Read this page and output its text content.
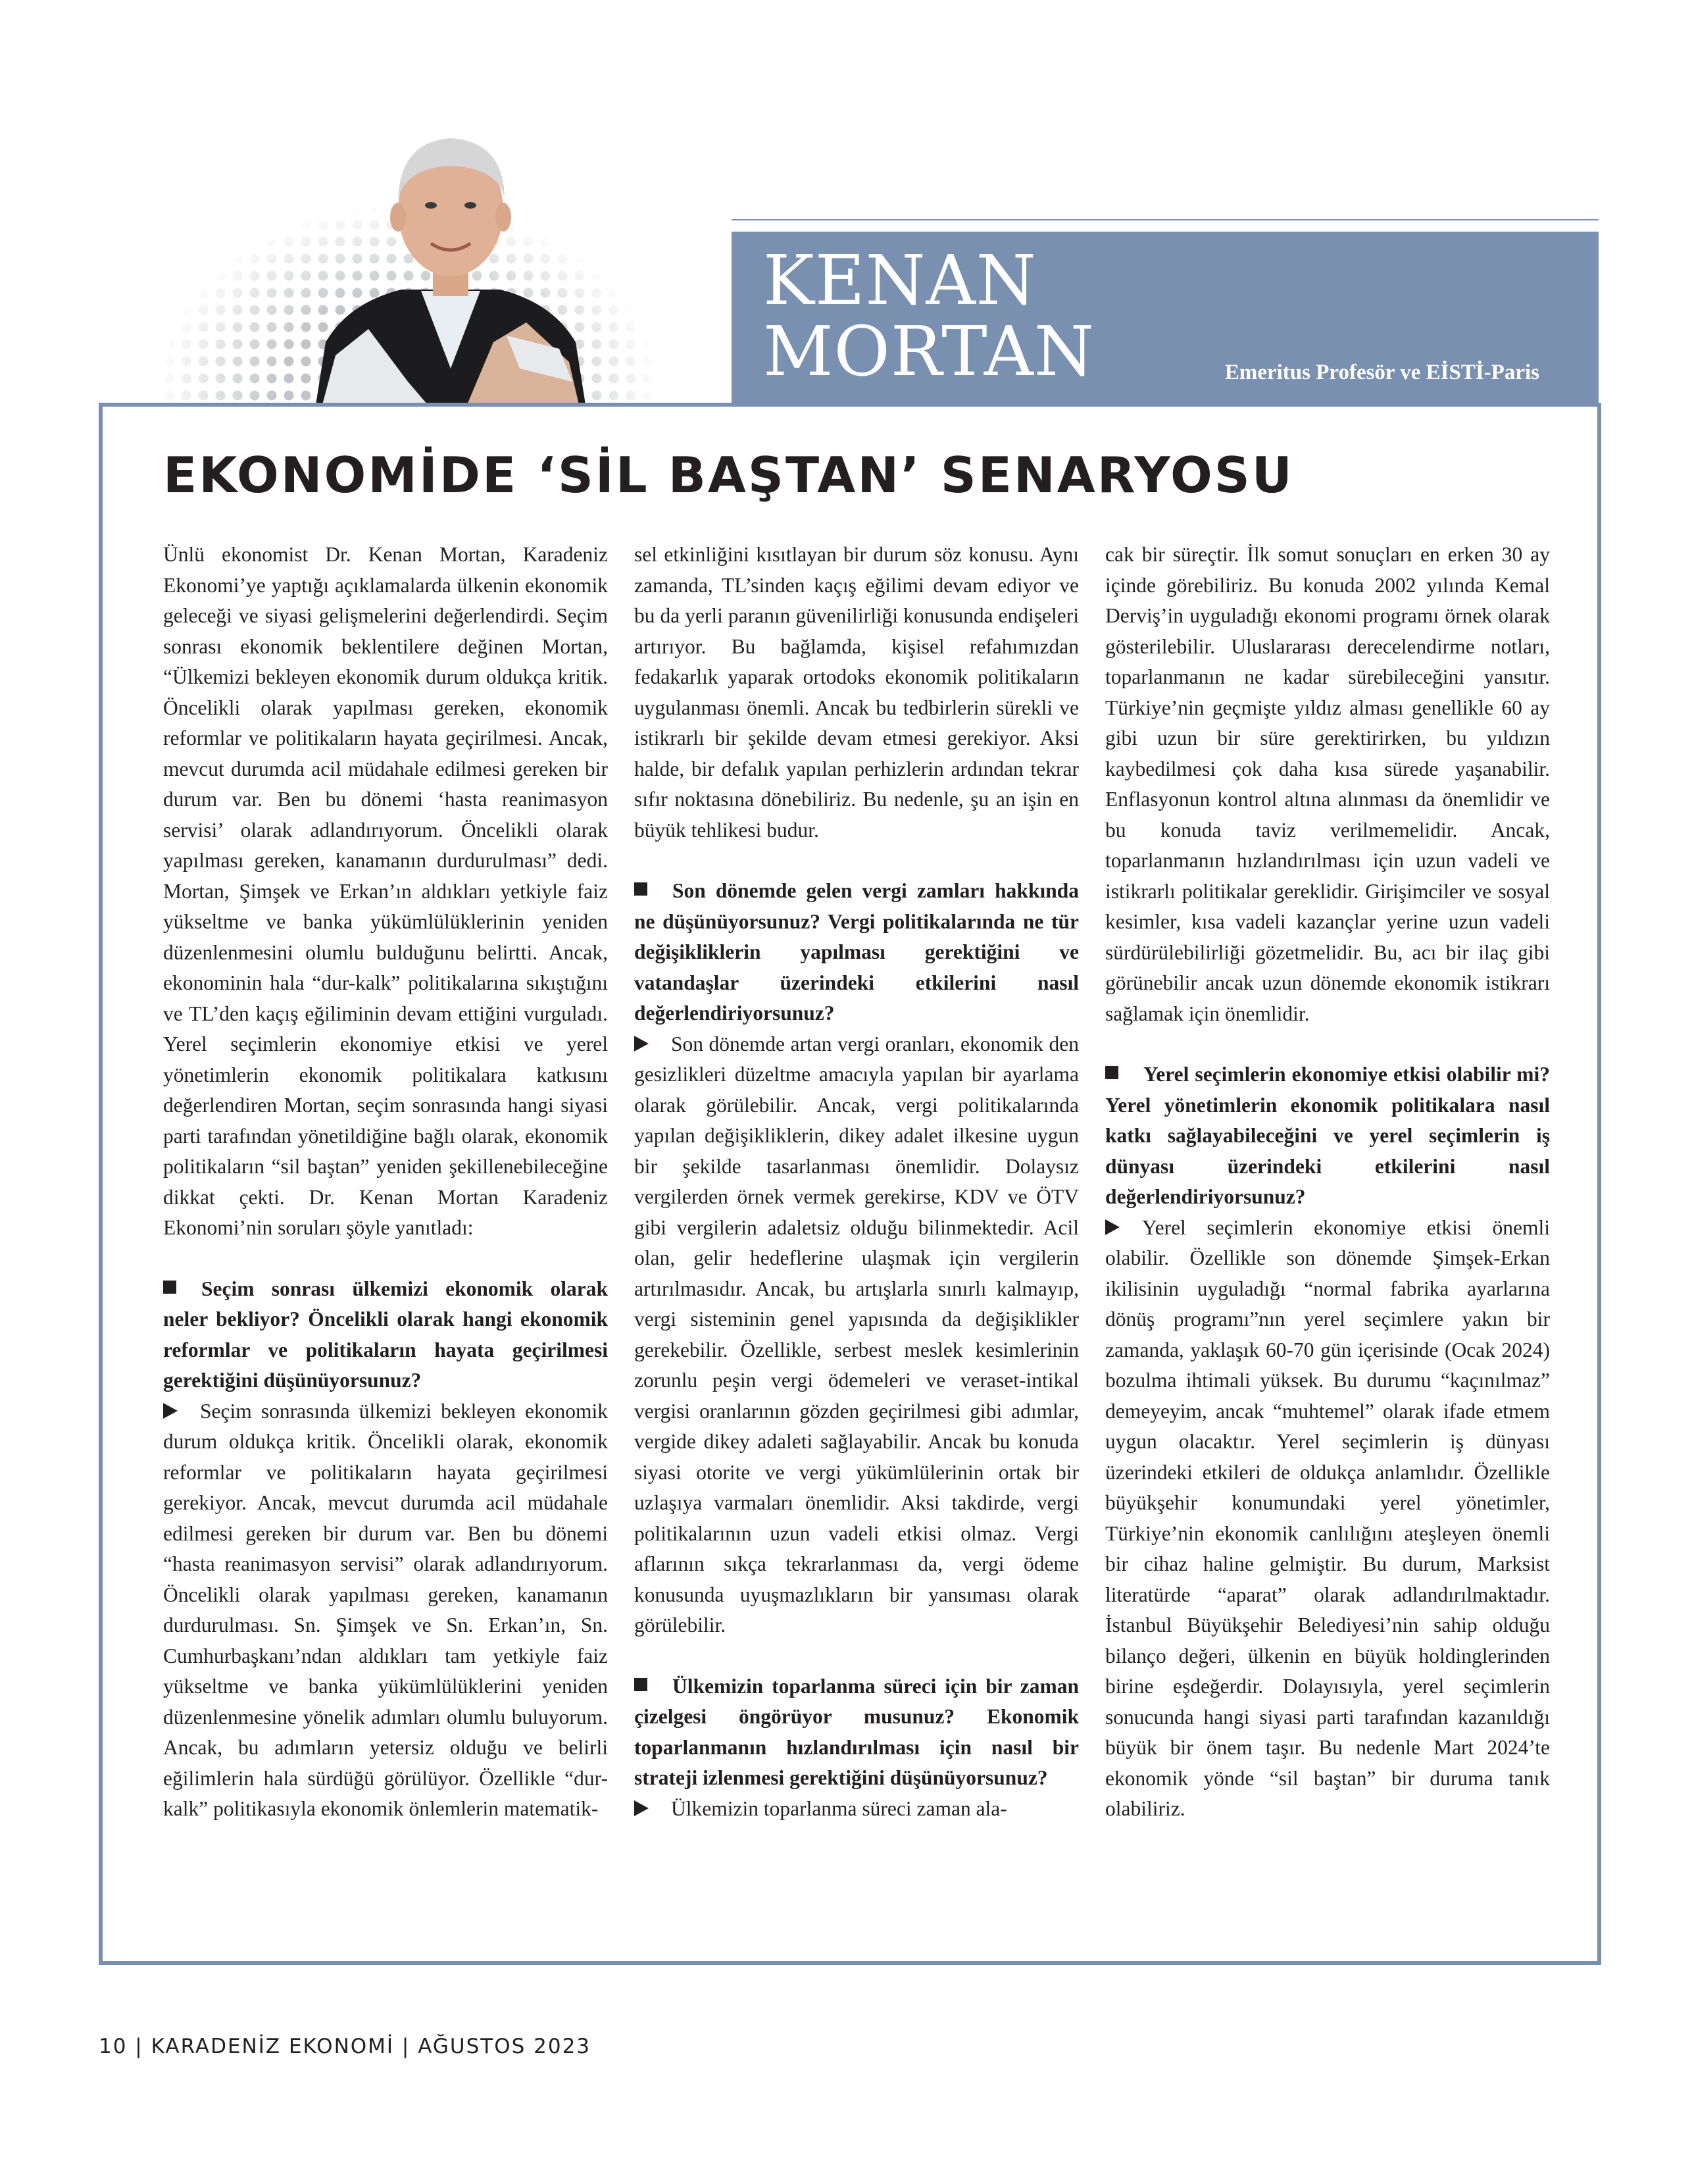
KENAN
MORTAN	Emeritus Profesör ve EİSTİ-Paris
EKONOMİDE ‘SİL BAŞTAN’ SENARYOSU

Ünlü ekonomist Dr. Kenan Mortan, Karadeniz Ekonomi’ye yaptığı açıklamalarda ülkenin ekonomik geleceği ve siyasi gelişmelerini değerlendirdi. Seçim sonrası ekonomik beklentilere değinen Mortan, “Ülkemizi bekleyen ekonomik durum oldukça kritik. Öncelikli olarak yapılması gereken, ekonomik reformlar ve politikaların hayata geçirilmesi. Ancak, mevcut durumda acil müdahale edilmesi gereken bir durum var. Ben bu dönemi ‘hasta reanimasyon servisi’ olarak adlandırıyorum. Öncelikli olarak yapılması gereken, kanamanın durdurulması” dedi. Mortan, Şimşek ve Erkan’ın aldıkları yetkiyle faiz yükseltme ve banka yükümlülüklerinin yeniden düzenlenmesini olumlu bulduğunu belirtti. Ancak, ekonominin hala “dur-kalk” politikalarına sıkıştığını ve TL’den kaçış eğiliminin devam ettiğini vurguladı. Yerel seçimlerin ekonomiye etkisi ve yerel yönetimlerin ekonomik politikalara katkısını değerlendiren Mortan, seçim sonrasında hangi siyasi parti tarafından yönetildiğine bağlı olarak, ekonomik politikaların “sil baştan” yeniden şekillenebileceğine dikkat çekti. Dr. Kenan Mortan Karadeniz Ekonomi’nin soruları şöyle yanıtladı:

Seçim sonrası ülkemizi ekonomik olarak neler bekliyor? Öncelikli olarak hangi ekonomik reformlar ve politikaların hayata geçirilmesi gerektiğini düşünüyorsunuz?

Seçim sonrasında ülkemizi bekleyen ekonomik durum oldukça kritik. Öncelikli olarak, ekonomik reformlar ve politikaların hayata geçirilmesi gerekiyor. Ancak, mevcut durumda acil müdahale edilmesi gereken bir durum var. Ben bu dönemi “hasta reanimasyon servisi” olarak adlandırıyorum. Öncelikli olarak yapılması gereken, kanamanın durdurulması. Sn. Şimşek ve Sn. Erkan’ın, Sn. Cumhurbaşkanı’ndan aldıkları tam yetkiyle faiz yükseltme ve banka yükümlülüklerini yeniden düzenlenmesine yönelik adımları olumlu buluyorum. Ancak, bu adımların yetersiz olduğu ve belirli eğilimlerin hala sürdüğü görülüyor. Özellikle “dur-kalk” politikasıyla ekonomik önlemlerin matematik-

sel etkinliğini kısıtlayan bir durum söz konusu. Aynı zamanda, TL’sinden kaçış eğilimi devam ediyor ve bu da yerli paranın güvenilirliği konusunda endişeleri artırıyor. Bu bağlamda, kişisel refahımızdan fedakarlık yaparak ortodoks ekonomik politikaların uygulanması önemli. Ancak bu tedbirlerin sürekli ve istikrarlı bir şekilde devam etmesi gerekiyor. Aksi halde, bir defalık yapılan perhizlerin ardından tekrar sıfır noktasına dönebiliriz. Bu nedenle, şu an işin en büyük tehlikesi budur.

Son dönemde gelen vergi zamları hakkında ne düşünüyorsunuz? Vergi politikalarında ne tür değişikliklerin yapılması gerektiğini ve vatandaşlar üzerindeki etkilerini nasıl değerlendiriyorsunuz?

Son dönemde artan vergi oranları, ekonomik den gesizlikleri düzeltme amacıyla yapılan bir ayarlama olarak görülebilir. Ancak, vergi politikalarında yapılan değişikliklerin, dikey adalet ilkesine uygun bir şekilde tasarlanması önemlidir. Dolaysız vergilerden örnek vermek gerekirse, KDV ve ÖTV gibi vergilerin adaletsiz olduğu bilinmektedir. Acil olan, gelir hedeflerine ulaşmak için vergilerin artırılmasıdır. Ancak, bu artışlarla sınırlı kalmayıp, vergi sisteminin genel yapısında da değişiklikler gerekebilir. Özellikle, serbest meslek kesimlerinin zorunlu peşin vergi ödemeleri ve veraset-intikal vergisi oranlarının gözden geçirilmesi gibi adımlar, vergide dikey adaleti sağlayabilir. Ancak bu konuda siyasi otorite ve vergi yükümlülerinin ortak bir uzlaşıya varmaları önemlidir. Aksi takdirde, vergi politikalarının uzun vadeli etkisi olmaz. Vergi aflarının sıkça tekrarlanması da, vergi ödeme konusunda uyuşmazlıkların bir yansıması olarak görülebilir.

Ülkemizin toparlanma süreci için bir zaman çizelgesi öngörüyor musunuz? Ekonomik toparlanmanın hızlandırılması için nasıl bir strateji izlenmesi gerektiğini düşünüyorsunuz?

Ülkemizin toparlanma süreci zaman ala-

cak bir süreçtir. İlk somut sonuçları en erken 30 ay içinde görebiliriz. Bu konuda 2002 yılında Kemal Derviş’in uyguladığı ekonomi programı örnek olarak gösterilebilir. Uluslararası derecelendirme notları, toparlanmanın ne kadar sürebileceğini yansıtır. Türkiye’nin geçmişte yıldız alması genellikle 60 ay gibi uzun bir süre gerektirirken, bu yıldızın kaybedilmesi çok daha kısa sürede yaşanabilir. Enflasyonun kontrol altına alınması da önemlidir ve bu konuda taviz verilmemelidir. Ancak, toparlanmanın hızlandırılması için uzun vadeli ve istikrarlı politikalar gereklidir. Girişimciler ve sosyal kesimler, kısa vadeli kazançlar yerine uzun vadeli sürdürülebilirliği gözetmelidir. Bu, acı bir ilaç gibi görünebilir ancak uzun dönemde ekonomik istikrarı sağlamak için önemlidir.

Yerel seçimlerin ekonomiye etkisi olabilir mi? Yerel yönetimlerin ekonomik politikalara nasıl katkı sağlayabileceğini ve yerel seçimlerin iş dünyası üzerindeki etkilerini nasıl değerlendiriyorsunuz?

Yerel seçimlerin ekonomiye etkisi önemli olabilir. Özellikle son dönemde Şimşek-Erkan ikilisinin uyguladığı “normal fabrika ayarlarına dönüş programı”nın yerel seçimlere yakın bir zamanda, yaklaşık 60-70 gün içerisinde (Ocak 2024) bozulma ihtimali yüksek. Bu durumu “kaçınılmaz” demeyeyim, ancak “muhtemel” olarak ifade etmem uygun olacaktır. Yerel seçimlerin iş dünyası üzerindeki etkileri de oldukça anlamlıdır. Özellikle büyükşehir konumundaki yerel yönetimler, Türkiye’nin ekonomik canlılığını ateşleyen önemli bir cihaz haline gelmiştir. Bu durum, Marksist literatürde “aparat” olarak adlandırılmaktadır. İstanbul Büyükşehir Belediyesi’nin sahip olduğu bilanço değeri, ülkenin en büyük holdinglerinden birine eşdeğerdir. Dolayısıyla, yerel seçimlerin sonucunda hangi siyasi parti tarafından kazanıldığı büyük bir önem taşır. Bu nedenle Mart 2024’te ekonomik yönde “sil baştan” bir duruma tanık olabiliriz.

10 | KARADENİZ EKONOMİ | AĞUSTOS 2023
